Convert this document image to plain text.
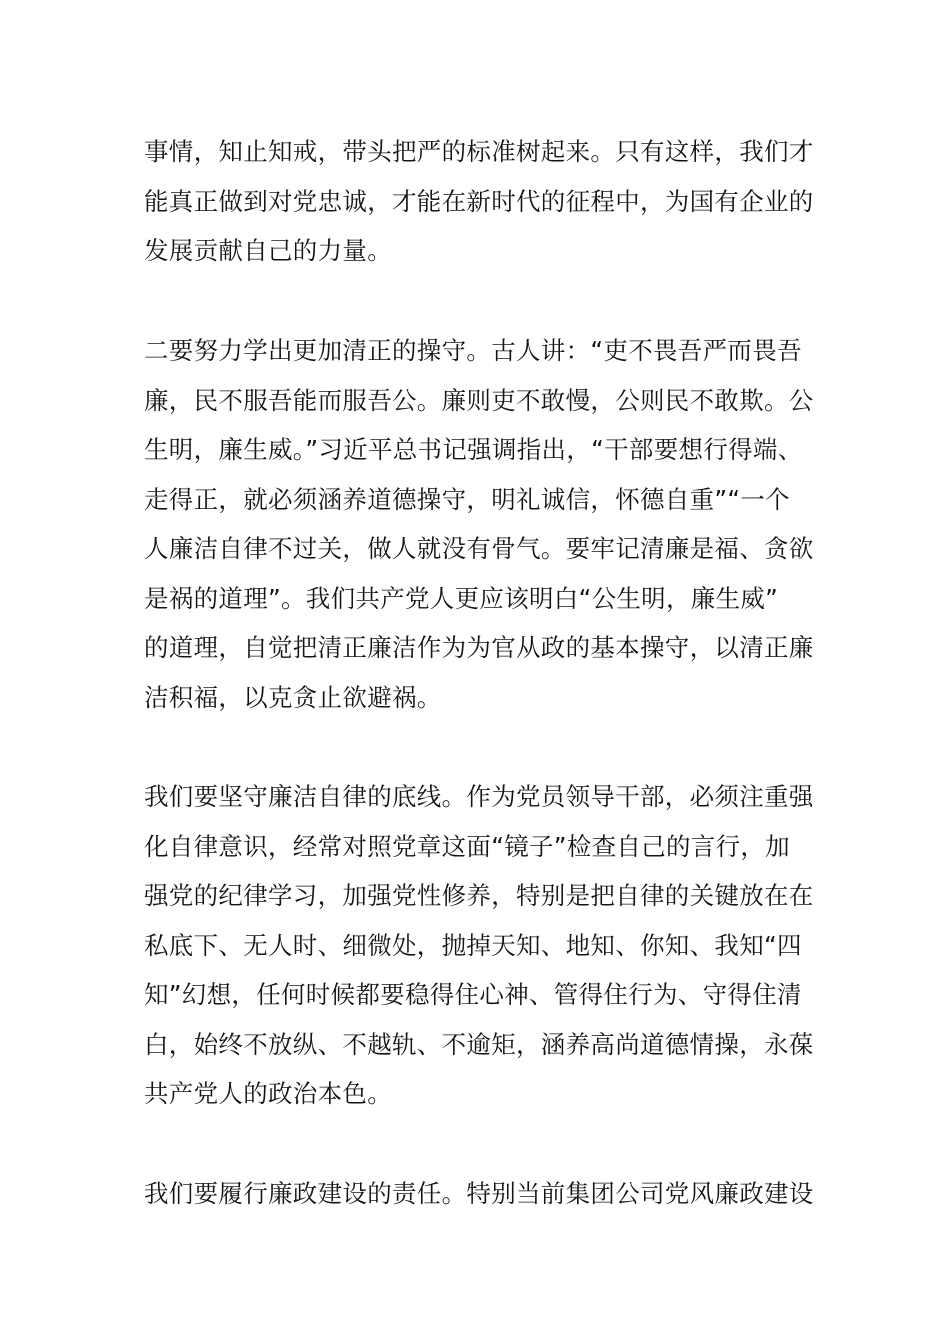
事情，知止知戒，带头把严的标准树起来。只有这样，我们才
能真正做到对党忠诚，才能在新时代的征程中，为国有企业的
发展贡献自己的力量。
二要努力学出更加清正的操守。古人讲：“吏不畏吾严而畏吾
廉，民不服吾能而服吾公。廉则吏不敢慢，公则民不敢欺。公
生明，廉生威。”习近平总书记强调指出，“干部要想行得端、
走得正，就必须涵养道德操守，明礼诚信，怀德自重”“一个
人廉洁自律不过关，做人就没有骨气。要牢记清廉是福、贪欲
是祸的道理”。我们共产党人更应该明白“公生明，廉生威”
的道理，自觉把清正廉洁作为为官从政的基本操守，以清正廉
洁积福，以克贪止欲避祸。
我们要坚守廉洁自律的底线。作为党员领导干部，必须注重强
化自律意识，经常对照党章这面“镜子”检查自己的言行，加
强党的纪律学习，加强党性修养，特别是把自律的关键放在在
私底下、无人时、细微处，抛掉天知、地知、你知、我知“四
知”幻想，任何时候都要稳得住心神、管得住行为、守得住清
白，始终不放纵、不越轨、不逾矩，涵养高尚道德情操，永葆
共产党人的政治本色。
我们要履行廉政建设的责任。特别当前集团公司党风廉政建设
